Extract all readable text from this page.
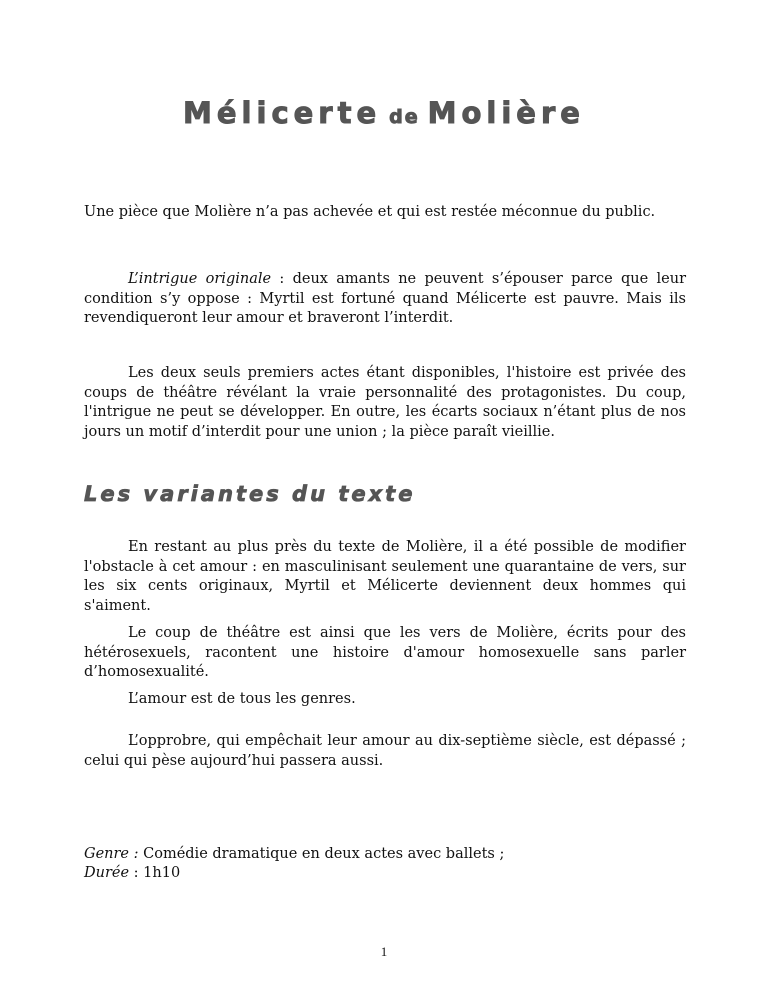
Mélicerte de Molière
Une pièce que Molière n’a pas achevée et qui est restée méconnue du public.

L’intrigue originale : deux amants ne peuvent s’épouser parce que leur condition s’y oppose : Myrtil est fortuné quand Mélicerte est pauvre. Mais ils revendiqueront leur amour et braveront l’interdit.

Les deux seuls premiers actes étant disponibles, l'histoire est privée des coups de théâtre révélant la vraie personnalité des protagonistes. Du coup, l'intrigue ne peut se développer. En outre, les écarts sociaux n’étant plus de nos jours un motif d’interdit pour une union ; la pièce paraît vieillie.

Les variantes du texte

En restant au plus près du texte de Molière, il a été possible de modifier l'obstacle à cet amour : en masculinisant seulement une quarantaine de vers, sur les six cents originaux, Myrtil et Mélicerte deviennent deux hommes qui s'aiment.

Le coup de théâtre est ainsi que les vers de Molière, écrits pour des hétérosexuels, racontent une histoire d'amour homosexuelle sans parler d’homosexualité.

L’amour est de tous les genres.

L’opprobre, qui empêchait leur amour au dix-septième siècle, est dépassé ; celui qui pèse aujourd’hui passera aussi.

Genre : Comédie dramatique en deux actes avec ballets ;
Durée : 1h10
1
